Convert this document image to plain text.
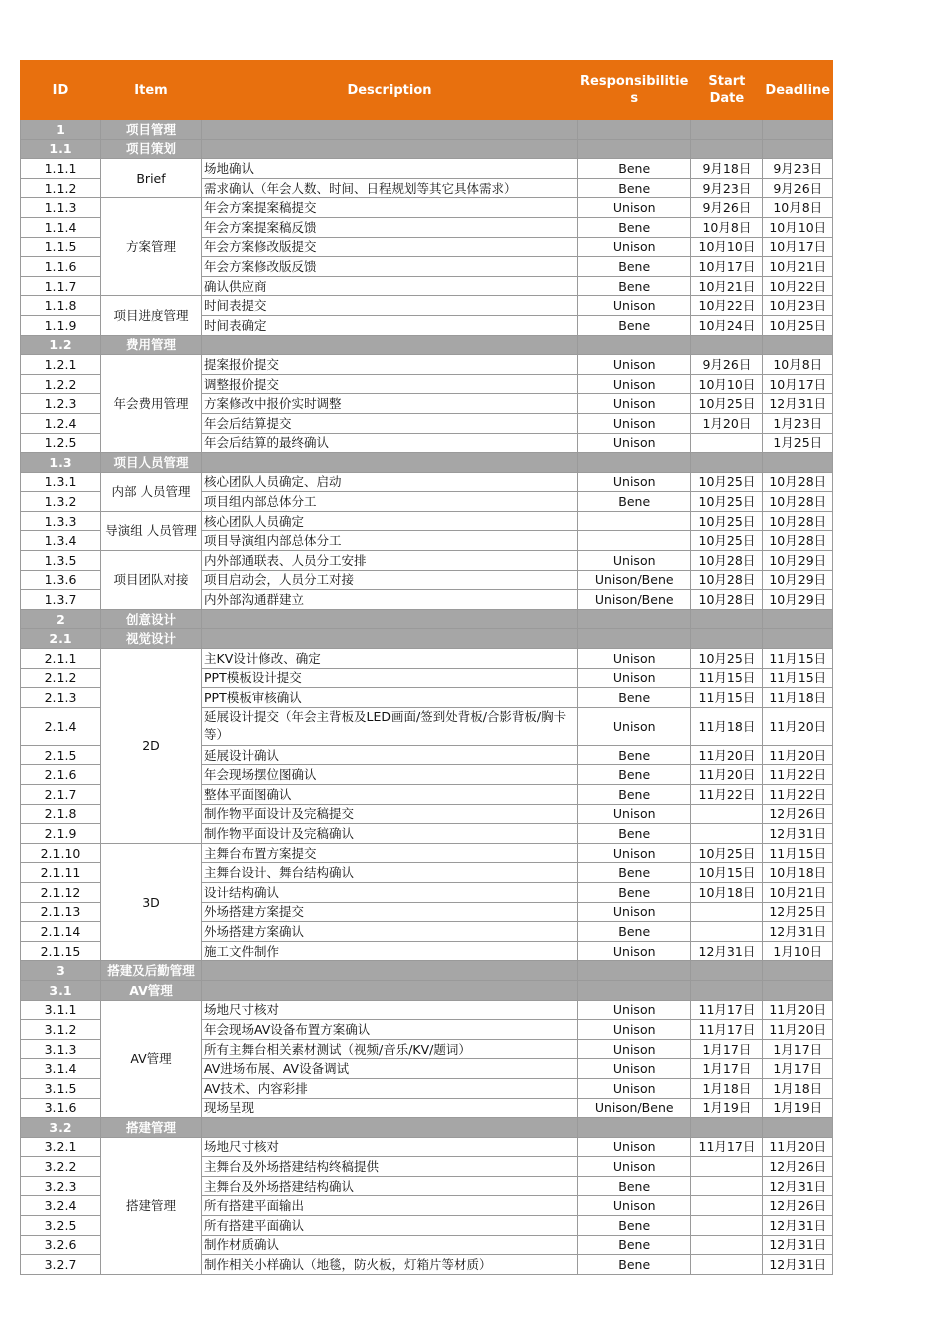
ID	Item	Description	Responsibilitie s	Start Date	Deadline
1	项目管理				
1.1	项目策划				
1.1.1	Brief	场地确认	Bene	9月18日	9月23日
1.1.2		需求确认（年会人数、时间、日程规划等其它具体需求）	Bene	9月23日	9月26日
1.1.3	方案管理	年会方案提案稿提交	Unison	9月26日	10月8日
1.1.4		年会方案提案稿反馈	Bene	10月8日	10月10日
1.1.5		年会方案修改版提交	Unison	10月10日	10月17日
1.1.6		年会方案修改版反馈	Bene	10月17日	10月21日
1.1.7		确认供应商	Bene	10月21日	10月22日
1.1.8	项目进度管理	时间表提交	Unison	10月22日	10月23日
1.1.9		时间表确定	Bene	10月24日	10月25日
1.2	费用管理				
1.2.1	年会费用管理	提案报价提交	Unison	9月26日	10月8日
1.2.2		调整报价提交	Unison	10月10日	10月17日
1.2.3		方案修改中报价实时调整	Unison	10月25日	12月31日
1.2.4		年会后结算提交	Unison	1月20日	1月23日
1.2.5		年会后结算的最终确认	Unison		1月25日
1.3	项目人员管理				
1.3.1	内部 人员管理	核心团队人员确定、启动	Unison	10月25日	10月28日
1.3.2		项目组内部总体分工	Bene	10月25日	10月28日
1.3.3	导演组 人员管理	核心团队人员确定		10月25日	10月28日
1.3.4		项目导演组内部总体分工		10月25日	10月28日
1.3.5	项目团队对接	内外部通联表、人员分工安排	Unison	10月28日	10月29日
1.3.6		项目启动会，人员分工对接	Unison/Bene	10月28日	10月29日
1.3.7		内外部沟通群建立	Unison/Bene	10月28日	10月29日
2	创意设计				
2.1	视觉设计				
2.1.1	2D	主KV设计修改、确定	Unison	10月25日	11月15日
2.1.2		PPT模板设计提交	Unison	11月15日	11月15日
2.1.3		PPT模板审核确认	Bene	11月15日	11月18日
2.1.4		延展设计提交（年会主背板及LED画面/签到处背板/合影背板/胸卡等）	Unison	11月18日	11月20日
2.1.5		延展设计确认	Bene	11月20日	11月20日
2.1.6		年会现场摆位图确认	Bene	11月20日	11月22日
2.1.7		整体平面图确认	Bene	11月22日	11月22日
2.1.8		制作物平面设计及完稿提交	Unison		12月26日
2.1.9		制作物平面设计及完稿确认	Bene		12月31日
2.1.10	3D	主舞台布置方案提交	Unison	10月25日	11月15日
2.1.11		主舞台设计、舞台结构确认	Bene	10月15日	10月18日
2.1.12		设计结构确认	Bene	10月18日	10月21日
2.1.13		外场搭建方案提交	Unison		12月25日
2.1.14		外场搭建方案确认	Bene		12月31日
2.1.15		施工文件制作	Unison	12月31日	1月10日
3	搭建及后勤管理				
3.1	AV管理				
3.1.1	AV管理	场地尺寸核对	Unison	11月17日	11月20日
3.1.2		年会现场AV设备布置方案确认	Unison	11月17日	11月20日
3.1.3		所有主舞台相关素材测试（视频/音乐/KV/题词）	Unison	1月17日	1月17日
3.1.4		AV进场布展、AV设备调试	Unison	1月17日	1月17日
3.1.5		AV技术、内容彩排	Unison	1月18日	1月18日
3.1.6		现场呈现	Unison/Bene	1月19日	1月19日
3.2	搭建管理				
3.2.1	搭建管理	场地尺寸核对	Unison	11月17日	11月20日
3.2.2		主舞台及外场搭建结构终稿提供	Unison		12月26日
3.2.3		主舞台及外场搭建结构确认	Bene		12月31日
3.2.4		所有搭建平面输出	Unison		12月26日
3.2.5		所有搭建平面确认	Bene		12月31日
3.2.6		制作材质确认	Bene		12月31日
3.2.7		制作相关小样确认（地毯，防火板，灯箱片等材质）	Bene		12月31日
